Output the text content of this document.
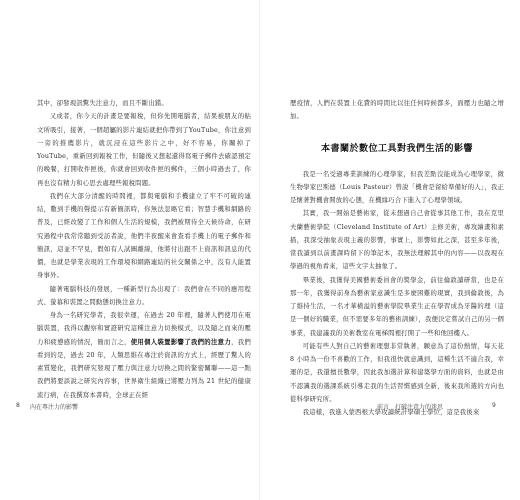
其中，卻發現訊驚失注意力，而且不斷出錯。

又或者，你今天的計畫是要報稅，但你先開電腦者，結果被朋友的貼文所吸引，接著，一個超屬的影片連結就把你帶到了YouTube，你注意到一旁的推薦影片，就沉浸在這些影片之中，好不容易，你關掉了YouTube，重新回到報稅工作，但隨後又想起還得寫電子郵件去確認預定的晚餐，打開收件匣後，你就會回到收件匣的郵件，三個小時過去了，你再也沒有精力和心思去處理些報稅問題。

我們在大部分清醒的時間裡，都與電腦和手機建立了牢不可破的連結，數到手機的聲提示有新簡訊時，你無法忽略它看；智慧手機和網路的普及，已經改變了工作和個人生活的規模，我們被期待全天候待命，在研究過程中我常常聽到受訪者說，他們半夜醒來會查看手機上的電子郵件和簡訊，這並不罕見，假如有人試圖離線，他將付出跟不上資訊和訊息的代價，也就是學業表現的工作環境和網路連結的社交關係之中，沒有人能置身事外。

隨著電腦科技的發展，一種新型行為出現了：我們會在不同的應用程式、螢幕和裝置之間動態切換注意力。

身為一名研究學者，我很幸運，在過去 20 年裡，隨著人們使用在電腦裝置，我得以觀察和實證研究這種注意力切換模式，以及隨之而來的壓力和疲憊感的情況，簡而言之，使用個人裝置影響了我們的注意力，我們看到的是，過去 20 年，人類思維在專注於資訊的方式上，經歷了驚人的素質變化，我們研究發現了壓力與注意力切換之間的緊密關聯——這一點我們將要談說之研究內容事，世界衛生組織已將壓力列為 21 世紀的健康流行病，在我撰寫本書時，全球正在經

8 內在專注力的影響

歷疫情，人們在裝置上花費的時間比以往任何時候都多，面壓力也隨之增加。

本書闡於數位工具對我們生活的影響

我是一名受過專業訓練的心理學家，但我差點沒能成為心理學家，微生物學家巴斯德（Louis Pasteur）曾說「機會是留給準備好的人」，我正是懷著對機會開放的心態，在機緣巧合下進入了心理學領域。

其實，我一開始是藝術家，從未想過自己會從事其他工作，我在克里夫蘭藝術學院（Cleveland Institute of Art）主修美術，專攻繪畫和素描，我深受抽象表現主義的影響，事實上，影響如此之深，甚至多年後，當我讀到以前畫課時留下的筆記本，我無法理解其中的內容——以我現在學過的視角看來，這些文字太抽象了。

畢業後，我獲得美國藝術委員會的獎學金，前往倫敦讀研當，也是在那一年，我獲得前身為藝術家意識生是多麼困難的現實，我到倫敦後，為了維持生活，一名才華橫溢的藝術學院畢業生正在學習成為牙醫的理（這是一個好的職業，但不需要多年的藝術訓練），我便決定嘗試自己的另一個事業，我建議我的美術教室在電梯間裡打開了一些和他回樓人。

可能有些人對自己的藝術理想非常執著，願意為了這份熱情，每天花 8 小時為一份不喜歡的工作，但我很快就意識到，這種生活不適合我，幸運的是，我還擅長數學，因此我加選計算和建築學方面的資料，也就是由不認識我的選課系統引導走我的生活習慣感到全新，後來我所選的方向也從科學研究所。

我這樣，我進入蒙西根大學攻讀統計學碩士學位，這是我後來

前言　打破注意力的迷思	9
